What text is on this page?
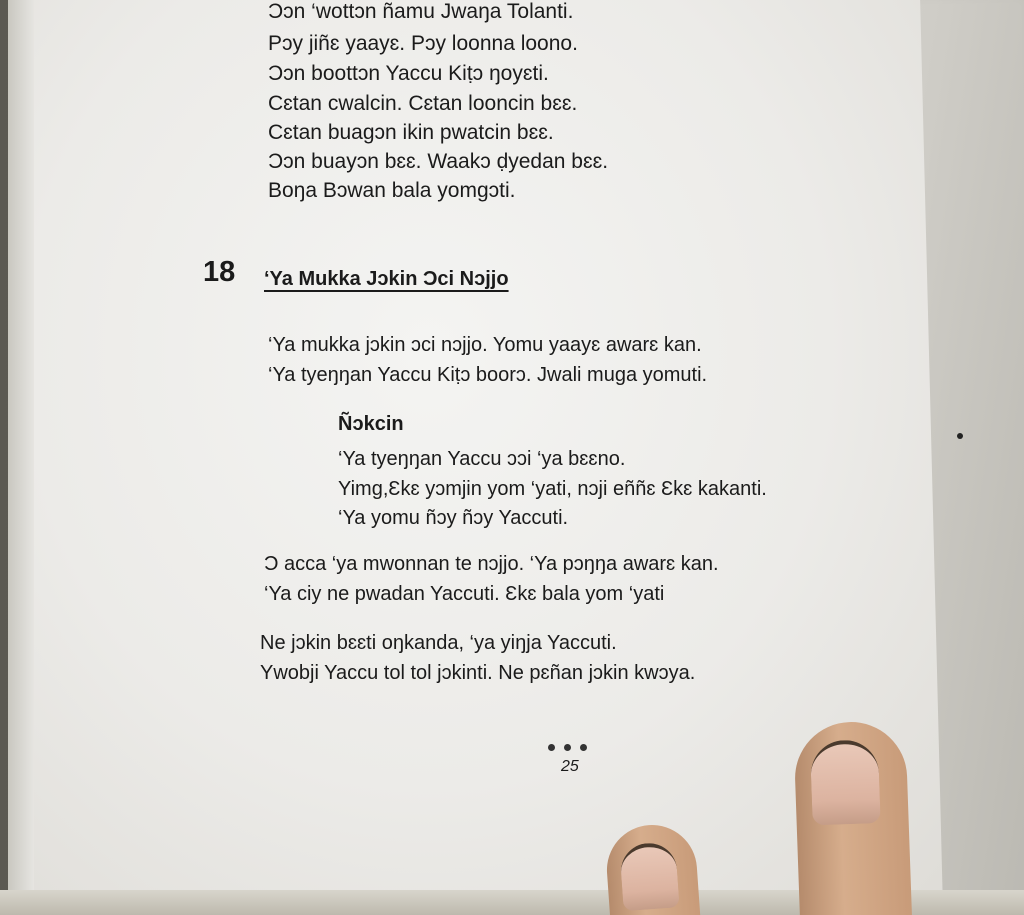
Ɔɔn ‘wottɔn ñamu Jwaŋa Tolanti.
Pɔy jiñɛ yaayɛ. Pɔy loonna loono.
Ɔɔn boottɔn Yaccu Kiṭɔ ŋoyɛti.
Cɛtan cwalcin. Cɛtan looncin bɛɛ.
Cɛtan buagɔn ikin pwatcin bɛɛ.
Ɔɔn buayɔn bɛɛ. Waakɔ ḍyedan bɛɛ.
Boŋa Bɔwan bala yomgɔti.
18 ‘Ya Mukka Jɔkin Ɔci Nɔjjo
‘Ya mukka jɔkin ɔci nɔjjo. Yomu yaayɛ awarɛ kan.
‘Ya tyeŋŋan Yaccu Kiṭɔ boorɔ. Jwali muga yomuti.
Ñɔkcin
‘Ya tyeŋŋan Yaccu ɔɔi ‘ya bɛɛno.
Yimg,Ɛkɛ yɔmjin yom ‘yati, nɔji eññɛ Ɛkɛ kakanti.
‘Ya yomu ñɔy ñɔy Yaccuti.
Ɔ acca ‘ya mwonnan te nɔjjo. ‘Ya pɔŋŋa awarɛ kan.
‘Ya ciy ne pwadan Yaccuti. Ɛkɛ bala yom ‘yati
Ne jɔkin bɛɛti oŋkanda, ‘ya yiŋja Yaccuti.
Ywobji Yaccu tol tol jɔkinti. Ne pɛñan jɔkin kwɔya.
25
